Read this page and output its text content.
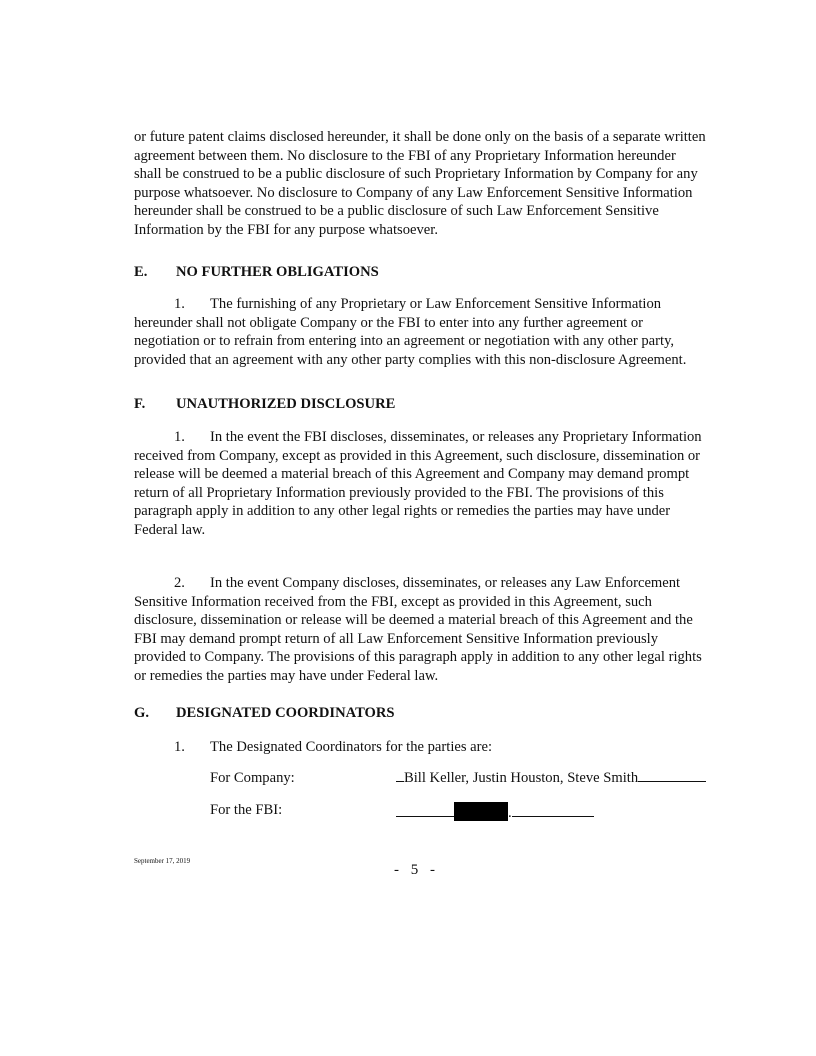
or future patent claims disclosed hereunder, it shall be done only on the basis of a separate written agreement between them. No disclosure to the FBI of any Proprietary Information hereunder shall be construed to be a public disclosure of such Proprietary Information by Company for any purpose whatsoever. No disclosure to Company of any Law Enforcement Sensitive Information hereunder shall be construed to be a public disclosure of such Law Enforcement Sensitive Information by the FBI for any purpose whatsoever.

E. NO FURTHER OBLIGATIONS

1. The furnishing of any Proprietary or Law Enforcement Sensitive Information hereunder shall not obligate Company or the FBI to enter into any further agreement or negotiation or to refrain from entering into an agreement or negotiation with any other party, provided that an agreement with any other party complies with this non-disclosure Agreement.

F. UNAUTHORIZED DISCLOSURE

1. In the event the FBI discloses, disseminates, or releases any Proprietary Information received from Company, except as provided in this Agreement, such disclosure, dissemination or release will be deemed a material breach of this Agreement and Company may demand prompt return of all Proprietary Information previously provided to the FBI. The provisions of this paragraph apply in addition to any other legal rights or remedies the parties may have under Federal law.

2. In the event Company discloses, disseminates, or releases any Law Enforcement Sensitive Information received from the FBI, except as provided in this Agreement, such disclosure, dissemination or release will be deemed a material breach of this Agreement and the FBI may demand prompt return of all Law Enforcement Sensitive Information previously provided to Company. The provisions of this paragraph apply in addition to any other legal rights or remedies the parties may have under Federal law.

G. DESIGNATED COORDINATORS
1. The Designated Coordinators for the parties are:
For Company:	Bill Keller, Justin Houston, Steve Smith
For the FBI:	.
September 17, 2019
- 5 -
